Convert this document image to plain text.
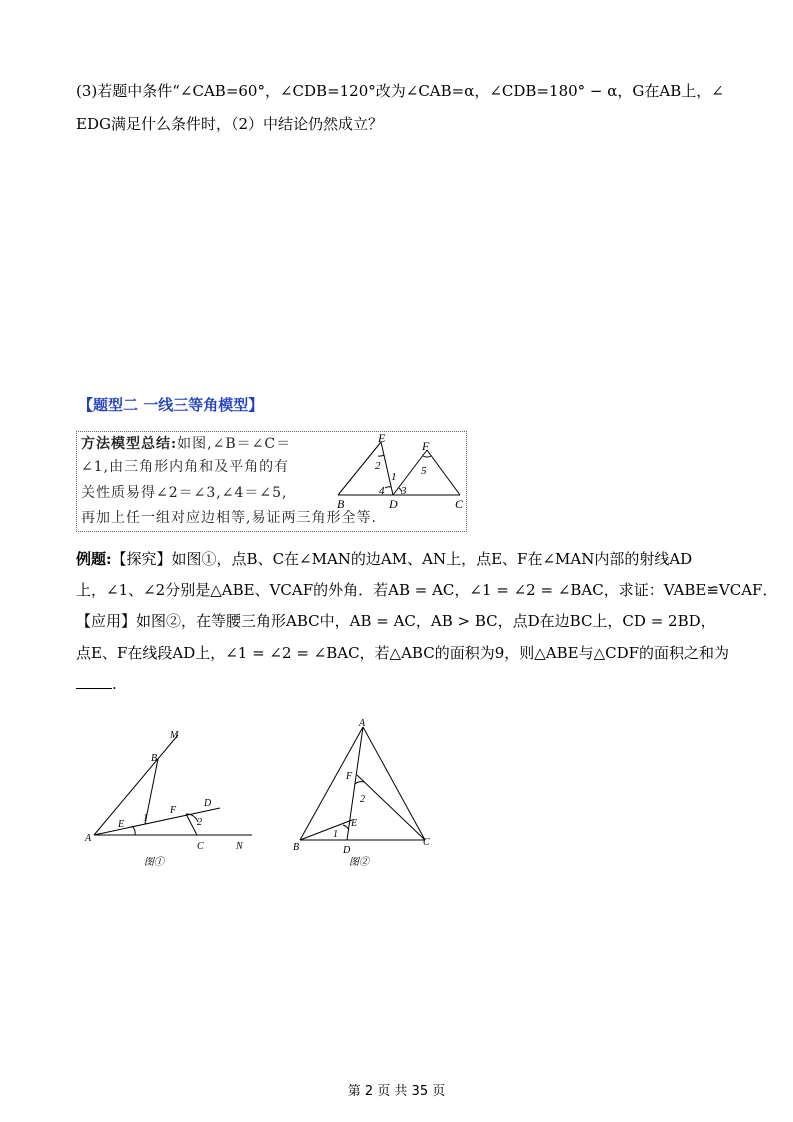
(3)若题中条件“∠CAB=60°，∠CDB=120°改为∠CAB=α，∠CDB=180° − α，G在AB上，∠
EDG满足什么条件时，（2）中结论仍然成立？
【题型二 一线三等角模型】
方法模型总结:如图,∠B＝∠C＝
∠1,由三角形内角和及平角的有
关性质易得∠2＝∠3,∠4＝∠5,
再加上任一组对应边相等,易证两三角形全等.
E
F
B	D	C
1
2
3
4
5
例题:【探究】如图①，点B、C在∠MAN的边AM、AN上，点E、F在∠MAN内部的射线AD
上，∠1、∠2分别是△ABE、VCAF的外角．若AB = AC，∠1 = ∠2 = ∠BAC，求证：VABE≌VCAF．
【应用】如图②，在等腰三角形ABC中，AB = AC，AB > BC，点D在边BC上，CD = 2BD，
点E、F在线段AD上，∠1 = ∠2 = ∠BAC，若△ABC的面积为9，则△ABE与△CDF的面积之和为
.
M
B
D
F
E
A
C	N
1	2
图①
A
F
E
B	D
C
1
2
图②
第 2 页 共 35 页
